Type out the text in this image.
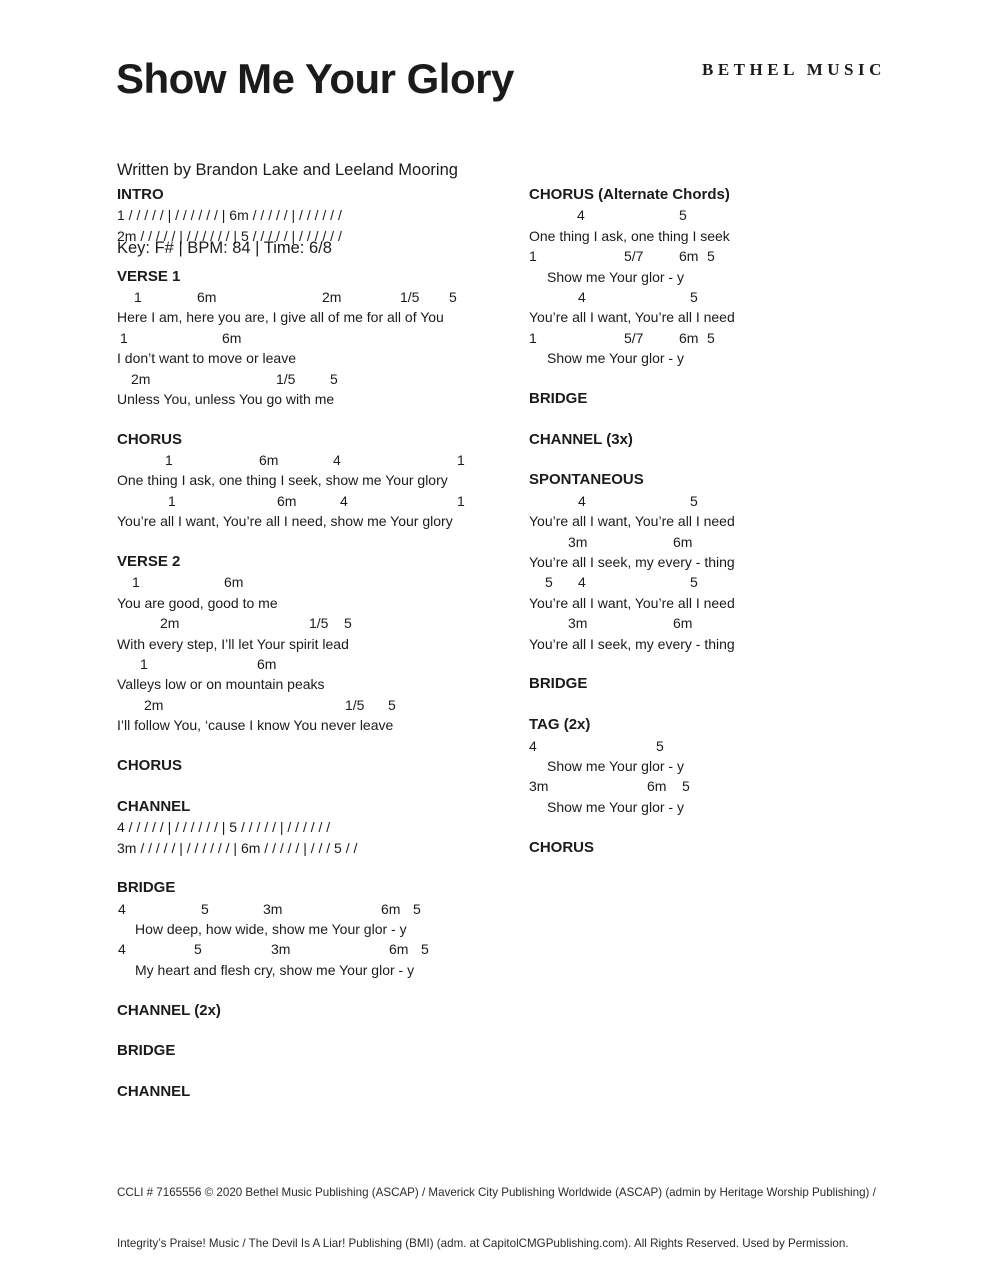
Show Me Your Glory	BETHEL MUSIC

Written by Brandon Lake and Leeland Mooring

Key: F# | BPM: 84 | Time: 6/8

INTRO
1 / / / / / | / / / / / / | 6m / / / / / | / / / / / /
2m / / / / / | / / / / / / | 5 / / / / / | / / / / / /
VERSE 1
1	6m	2m	1/5 5
Here I am, here you are, I give all of me for all of You
1	6m
I don’t want to move or leave
2m	1/5 5
Unless You, unless You go with me
CHORUS
1	6m	4	1
One thing I ask, one thing I seek, show me Your glory
1	6m	4	1
You’re all I want, You’re all I need, show me Your glory
VERSE 2
1	6m
You are good, good to me
2m	1/5 5
With every step, I’ll let Your spirit lead
1	6m
Valleys low or on mountain peaks
2m	1/5 5
I’ll follow You, ‘cause I know You never leave
CHORUS
CHANNEL
4 / / / / / | / / / / / / | 5 / / / / / | / / / / / /
3m / / / / / | / / / / / / | 6m / / / / / | / / / 5 / /
BRIDGE
4	5	3m	6m 5
How deep, how wide, show me Your glor - y
4	5	3m	6m 5
My heart and flesh cry, show me Your glor - y
CHANNEL (2x)
BRIDGE
CHANNEL
CHORUS (Alternate Chords)
4	5
One thing I ask, one thing I seek
1	5/7	6m 5
Show me Your glor - y
4	5
You’re all I want, You’re all I need
1	5/7	6m 5
Show me Your glor - y
BRIDGE
CHANNEL (3x)
SPONTANEOUS
4	5
You’re all I want, You’re all I need
3m	6m
You’re all I seek, my every - thing
5 4	5
You’re all I want, You’re all I need
3m	6m
You’re all I seek, my every - thing
BRIDGE
TAG (2x)
4	5
Show me Your glor - y
3m	6m 5
Show me Your glor - y
CHORUS

CCLI # 7165556 © 2020 Bethel Music Publishing (ASCAP) / Maverick City Publishing Worldwide (ASCAP) (admin by Heritage Worship Publishing) /

Integrity’s Praise! Music / The Devil Is A Liar! Publishing (BMI) (adm. at CapitolCMGPublishing.com). All Rights Reserved. Used by Permission.
